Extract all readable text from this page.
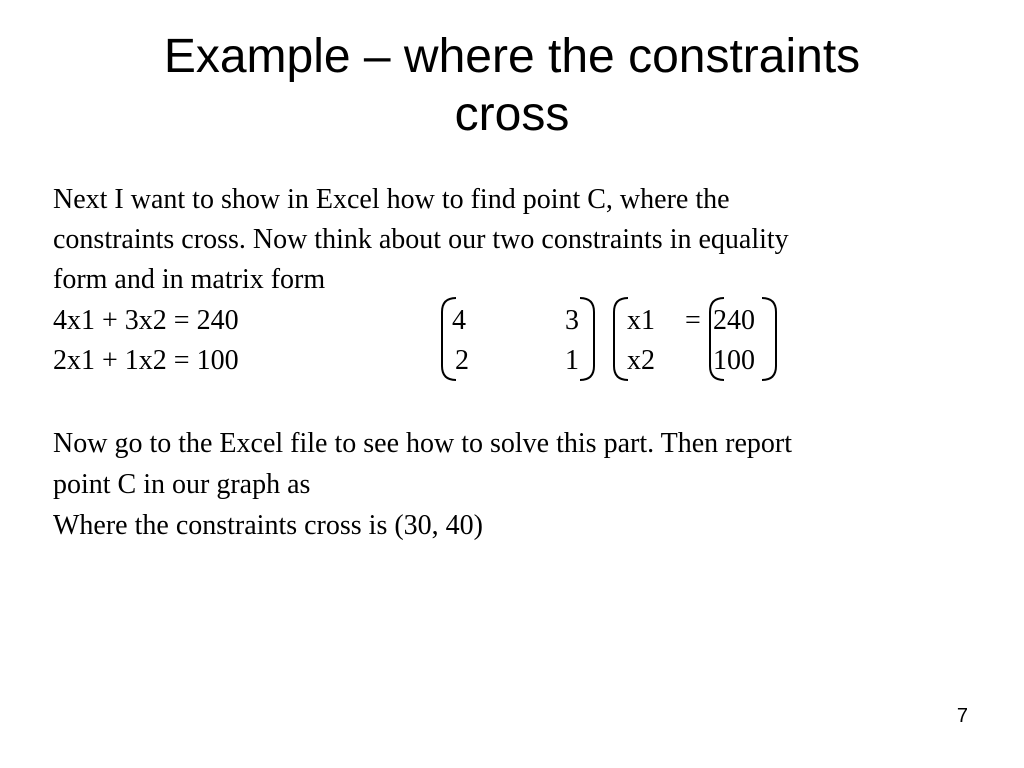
Example – where the constraints
cross
Next I want to show in Excel how to find point C, where the
constraints cross. Now think about our two constraints in equality
form and in matrix form
4x1 + 3x2 = 240
2x1 + 1x2 = 100
4	3
2	1
x1
x2
= 240
100
Now go to the Excel file to see how to solve this part. Then report
point C in our graph as
Where the constraints cross is (30, 40)
7
